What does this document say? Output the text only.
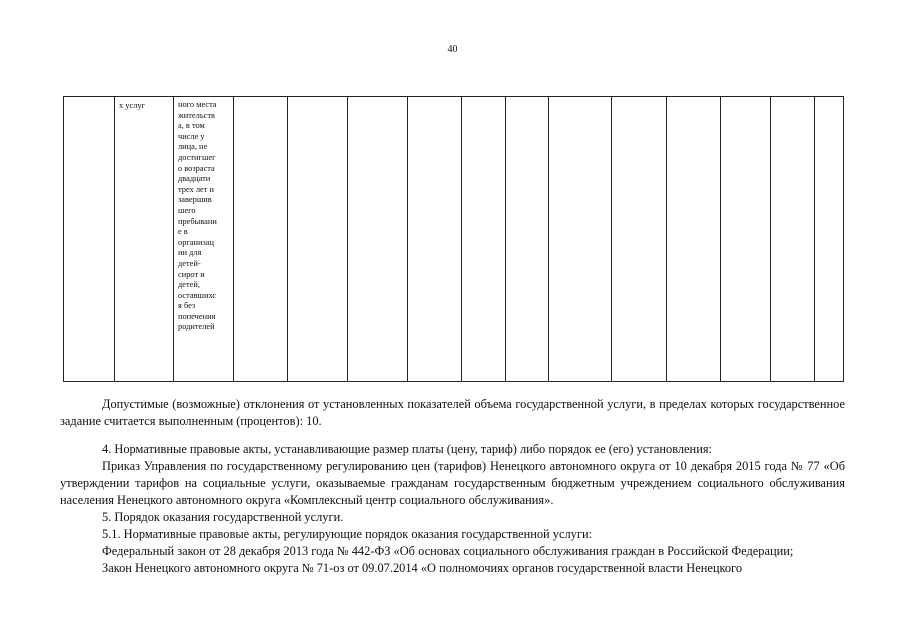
40
	х услуг	ного места
жительств
а, в том
числе у
лица, не
достигшег
о возраста
двадцати
трех лет и
завершив
шего
пребывани
е в
организац
ии для
детей-
сирот и
детей,
оставшихс
я без
попечения
родителей												

Допустимые (возможные) отклонения от установленных показателей объема государственной услуги, в пределах которых государственное задание считается выполненным (процентов): 10.

4. Нормативные правовые акты, устанавливающие размер платы (цену, тариф) либо порядок ее (его) установления:

Приказ Управления по государственному регулированию цен (тарифов) Ненецкого автономного округа от 10 декабря 2015 года № 77 «Об утверждении тарифов на социальные услуги, оказываемые гражданам государственным бюджетным учреждением социального обслуживания населения Ненецкого автономного округа «Комплексный центр социального обслуживания».

5. Порядок оказания государственной услуги.

5.1. Нормативные правовые акты, регулирующие порядок оказания государственной услуги:

Федеральный закон от 28 декабря 2013 года № 442-ФЗ «Об основах социального обслуживания граждан в Российской Федерации;

Закон Ненецкого автономного округа № 71-оз от 09.07.2014 «О полномочиях органов государственной власти Ненецкого
